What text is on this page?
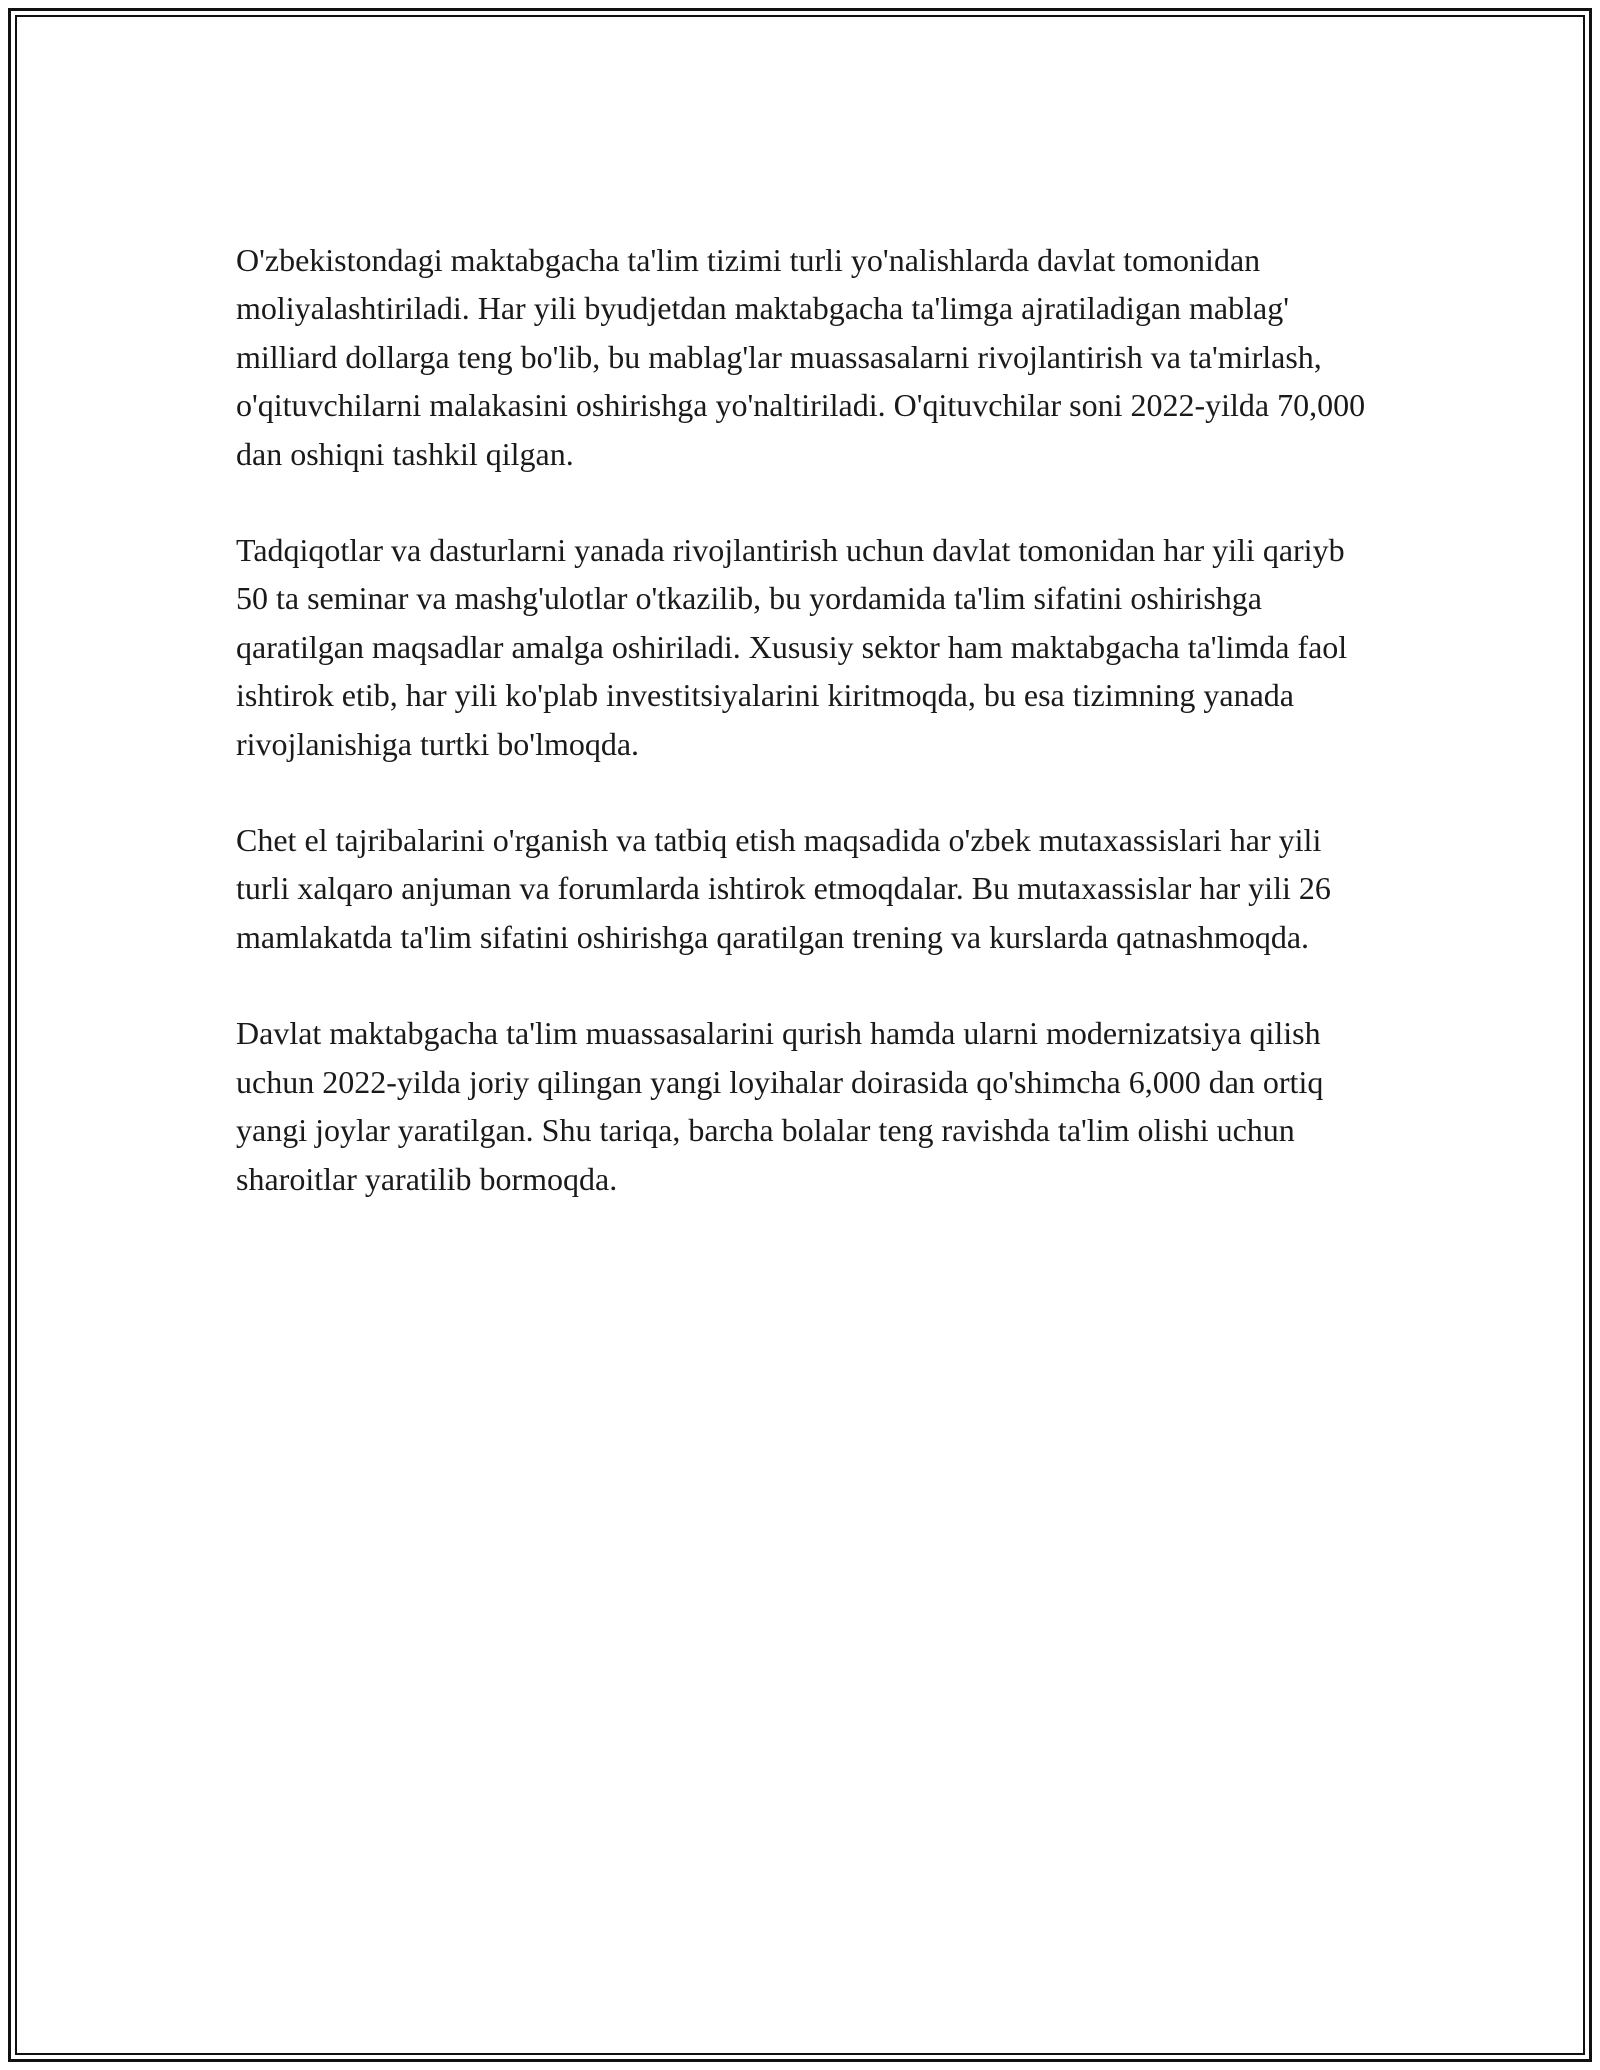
O'zbekistondagi maktabgacha ta'lim tizimi turli yo'nalishlarda davlat tomonidan moliyalashtiriladi. Har yili byudjetdan maktabgacha ta'limga ajratiladigan mablag' milliard dollarga teng bo'lib, bu mablag'lar muassasalarni rivojlantirish va ta'mirlash, o'qituvchilarni malakasini oshirishga yo'naltiriladi. O'qituvchilar soni 2022-yilda 70,000 dan oshiqni tashkil qilgan.

Tadqiqotlar va dasturlarni yanada rivojlantirish uchun davlat tomonidan har yili qariyb 50 ta seminar va mashg'ulotlar o'tkazilib, bu yordamida ta'lim sifatini oshirishga qaratilgan maqsadlar amalga oshiriladi. Xususiy sektor ham maktabgacha ta'limda faol ishtirok etib, har yili ko'plab investitsiyalarini kiritmoqda, bu esa tizimning yanada rivojlanishiga turtki bo'lmoqda.

Chet el tajribalarini o'rganish va tatbiq etish maqsadida o'zbek mutaxassislari har yili turli xalqaro anjuman va forumlarda ishtirok etmoqdalar. Bu mutaxassislar har yili 26 mamlakatda ta'lim sifatini oshirishga qaratilgan trening va kurslarda qatnashmoqda.

Davlat maktabgacha ta'lim muassasalarini qurish hamda ularni modernizatsiya qilish uchun 2022-yilda joriy qilingan yangi loyihalar doirasida qo'shimcha 6,000 dan ortiq yangi joylar yaratilgan. Shu tariqa, barcha bolalar teng ravishda ta'lim olishi uchun sharoitlar yaratilib bormoqda.
